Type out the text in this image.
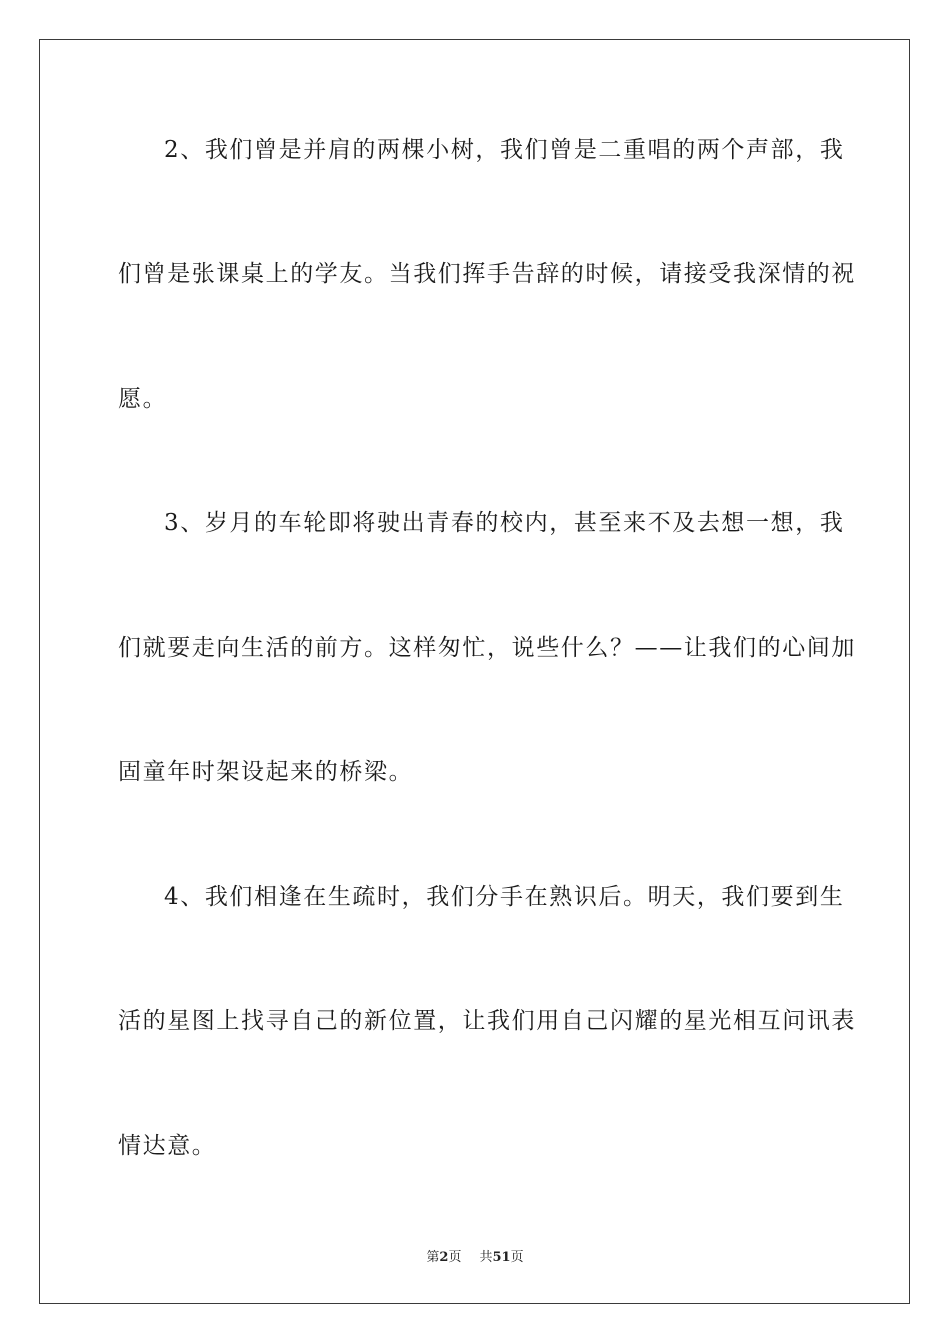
2、我们曾是并肩的两棵小树，我们曾是二重唱的两个声部，我
们曾是张课桌上的学友。当我们挥手告辞的时候，请接受我深情的祝
愿。
3、岁月的车轮即将驶出青春的校内，甚至来不及去想一想，我
们就要走向生活的前方。这样匆忙，说些什么？——让我们的心间加
固童年时架设起来的桥梁。
4、我们相逢在生疏时，我们分手在熟识后。明天，我们要到生
活的星图上找寻自己的新位置，让我们用自己闪耀的星光相互问讯表
情达意。
第2页 共51页
